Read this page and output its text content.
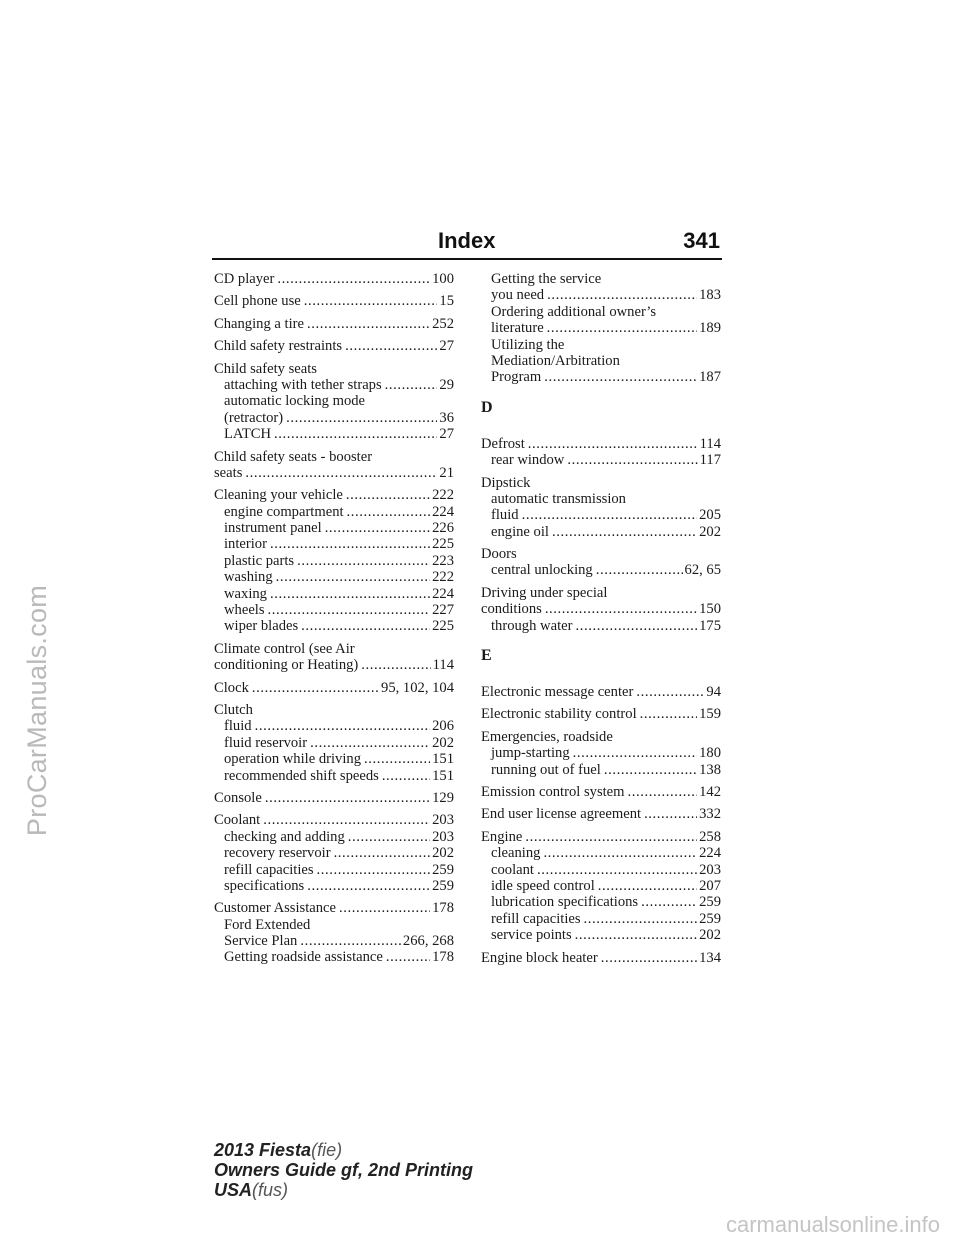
ProCarManuals.com
Index	341
CD player .....	100
Cell phone use .....	15
Changing a tire .....	252
Child safety restraints .....	27
Child safety seats
attaching with tether straps .....	29
automatic locking mode
(retractor) .....	36
LATCH .....	27
Child safety seats - booster
seats .....	21
Cleaning your vehicle .....	222
engine compartment .....	224
instrument panel .....	226
interior .....	225
plastic parts .....	223
washing .....	222
waxing .....	224
wheels .....	227
wiper blades .....	225
Climate control (see Air
conditioning or Heating) .....	114
Clock .....	95, 102, 104
Clutch
fluid .....	206
fluid reservoir .....	202
operation while driving .....	151
recommended shift speeds .....	151
Console .....	129
Coolant .....	203
checking and adding .....	203
recovery reservoir .....	202
refill capacities .....	259
specifications .....	259
Customer Assistance .....	178
Ford Extended
Service Plan .....	266, 268
Getting roadside assistance .....	178
Getting the service
you need .....	183
Ordering additional owner’s
literature .....	189
Utilizing the
Mediation/Arbitration
Program .....	187
D
Defrost .....	114
rear window .....	117
Dipstick
automatic transmission
fluid .....	205
engine oil .....	202
Doors
central unlocking .....	62, 65
Driving under special
conditions .....	150
through water .....	175
E
Electronic message center .....	94
Electronic stability control .....	159
Emergencies, roadside
jump-starting .....	180
running out of fuel .....	138
Emission control system .....	142
End user license agreement .....	332
Engine .....	258
cleaning .....	224
coolant .....	203
idle speed control .....	207
lubrication specifications .....	259
refill capacities .....	259
service points .....	202
Engine block heater .....	134
2013 Fiesta(fie)
Owners Guide gf, 2nd Printing
USA(fus)
carmanualsonline.info
